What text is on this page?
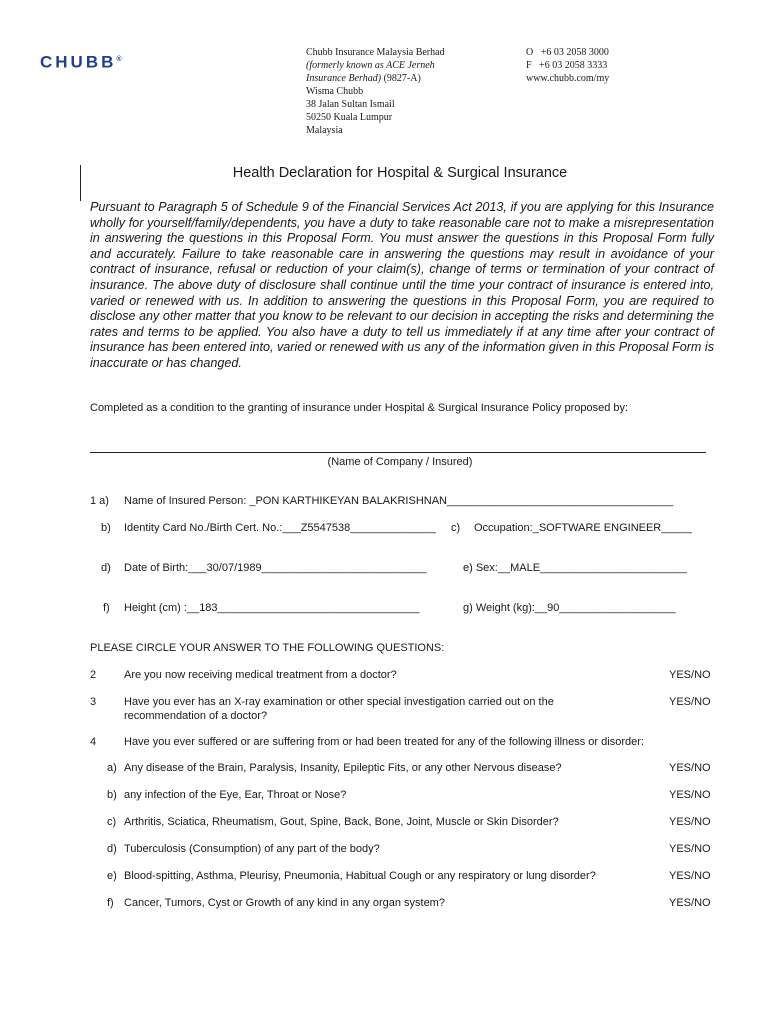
CHUBB®
Chubb Insurance Malaysia Berhad
(formerly known as ACE Jerneh
Insurance Berhad) (9827-A)
Wisma Chubb
38 Jalan Sultan Ismail
50250 Kuala Lumpur
Malaysia
O   +6 03 2058 3000
F   +6 03 2058 3333
www.chubb.com/my
Health Declaration for Hospital & Surgical Insurance
Pursuant to Paragraph 5 of Schedule 9 of the Financial Services Act 2013, if you are applying for this Insurance wholly for yourself/family/dependents, you have a duty to take reasonable care not to make a misrepresentation in answering the questions in this Proposal Form. You must answer the questions in this Proposal Form fully and accurately. Failure to take reasonable care in answering the questions may result in avoidance of your contract of insurance, refusal or reduction of your claim(s), change of terms or termination of your contract of insurance. The above duty of disclosure shall continue until the time your contract of insurance is entered into, varied or renewed with us. In addition to answering the questions in this Proposal Form, you are required to disclose any other matter that you know to be relevant to our decision in accepting the risks and determining the rates and terms to be applied. You also have a duty to tell us immediately if at any time after your contract of insurance has been entered into, varied or renewed with us any of the information given in this Proposal Form is inaccurate or has changed.
Completed as a condition to the granting of insurance under Hospital & Surgical Insurance Policy proposed by:
(Name of Company / Insured)
1 a) Name of Insured Person: _PON KARTHIKEYAN BALAKRISHNAN_____________________________________
b) Identity Card No./Birth Cert. No.:___Z5547538______________ c) Occupation:_SOFTWARE ENGINEER_____
d) Date of Birth:___30/07/1989___________________________	e) Sex:__MALE________________________
f) Height (cm) :__183_________________________________	g) Weight (kg):__90___________________
PLEASE CIRCLE YOUR ANSWER TO THE FOLLOWING QUESTIONS:
2	Are you now receiving medical treatment from a doctor?	YES/NO
3	Have you ever has an X-ray examination or other special investigation carried out on the
recommendation of a doctor?
YES/NO
4	Have you ever suffered or are suffering from or had been treated for any of the following illness or disorder:
a) Any disease of the Brain, Paralysis, Insanity, Epileptic Fits, or any other Nervous disease?	YES/NO
b) any infection of the Eye, Ear, Throat or Nose?	YES/NO
c) Arthritis, Sciatica, Rheumatism, Gout, Spine, Back, Bone, Joint, Muscle or Skin Disorder?	YES/NO
d) Tuberculosis (Consumption) of any part of the body?	YES/NO
e) Blood-spitting, Asthma, Pleurisy, Pneumonia, Habitual Cough or any respiratory or lung disorder?	YES/NO
f) Cancer, Tumors, Cyst or Growth of any kind in any organ system?	YES/NO
